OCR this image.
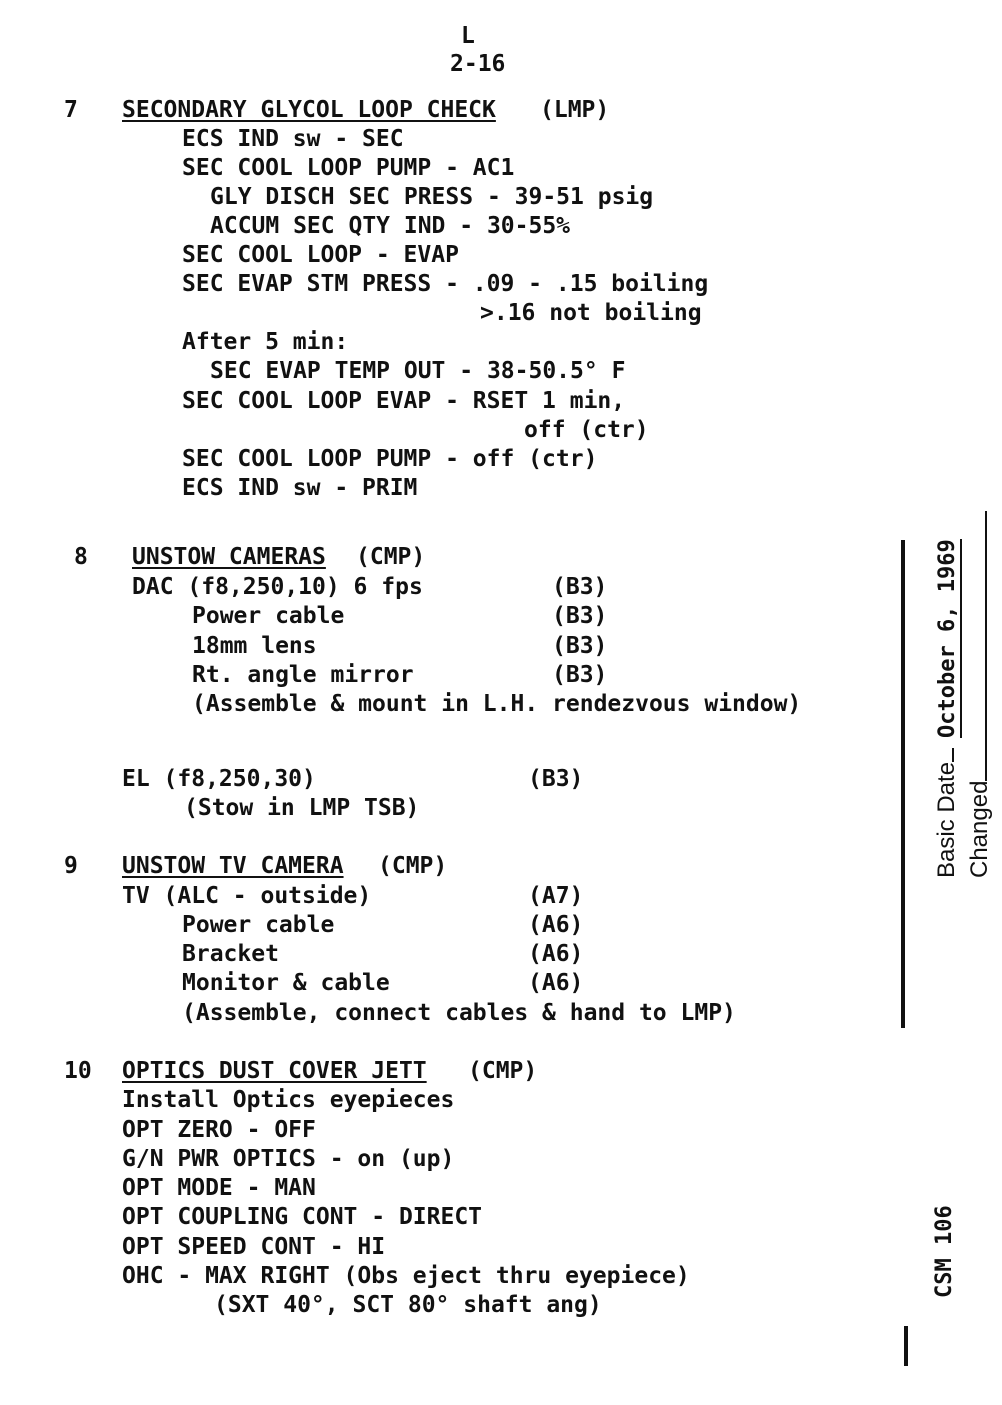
L
2-16
7 SECONDARY GLYCOL LOOP CHECK (LMP)
ECS IND sw - SEC
SEC COOL LOOP PUMP - AC1
GLY DISCH SEC PRESS - 39-51 psig
ACCUM SEC QTY IND - 30-55%
SEC COOL LOOP - EVAP
SEC EVAP STM PRESS - .09 - .15 boiling
>.16 not boiling
After 5 min:
SEC EVAP TEMP OUT - 38-50.5° F
SEC COOL LOOP EVAP - RSET 1 min,
off (ctr)
SEC COOL LOOP PUMP - off (ctr)
ECS IND sw - PRIM
8 UNSTOW CAMERAS (CMP)
DAC (f8,250,10) 6 fps	(B3)
Power cable	(B3)
18mm lens	(B3)
Rt. angle mirror	(B3)
(Assemble & mount in L.H. rendezvous window)
EL (f8,250,30)	(B3)
(Stow in LMP TSB)
9 UNSTOW TV CAMERA (CMP)
TV (ALC - outside)	(A7)
Power cable	(A6)
Bracket	(A6)
Monitor & cable	(A6)
(Assemble, connect cables & hand to LMP)
10 OPTICS DUST COVER JETT (CMP)
Install Optics eyepieces
OPT ZERO - OFF
G/N PWR OPTICS - on (up)
OPT MODE - MAN
OPT COUPLING CONT - DIRECT
OPT SPEED CONT - HI
OHC - MAX RIGHT (Obs eject thru eyepiece)
(SXT 40°, SCT 80° shaft ang)
Basic DateOctober 6, 1969
Changed
CSM 106
